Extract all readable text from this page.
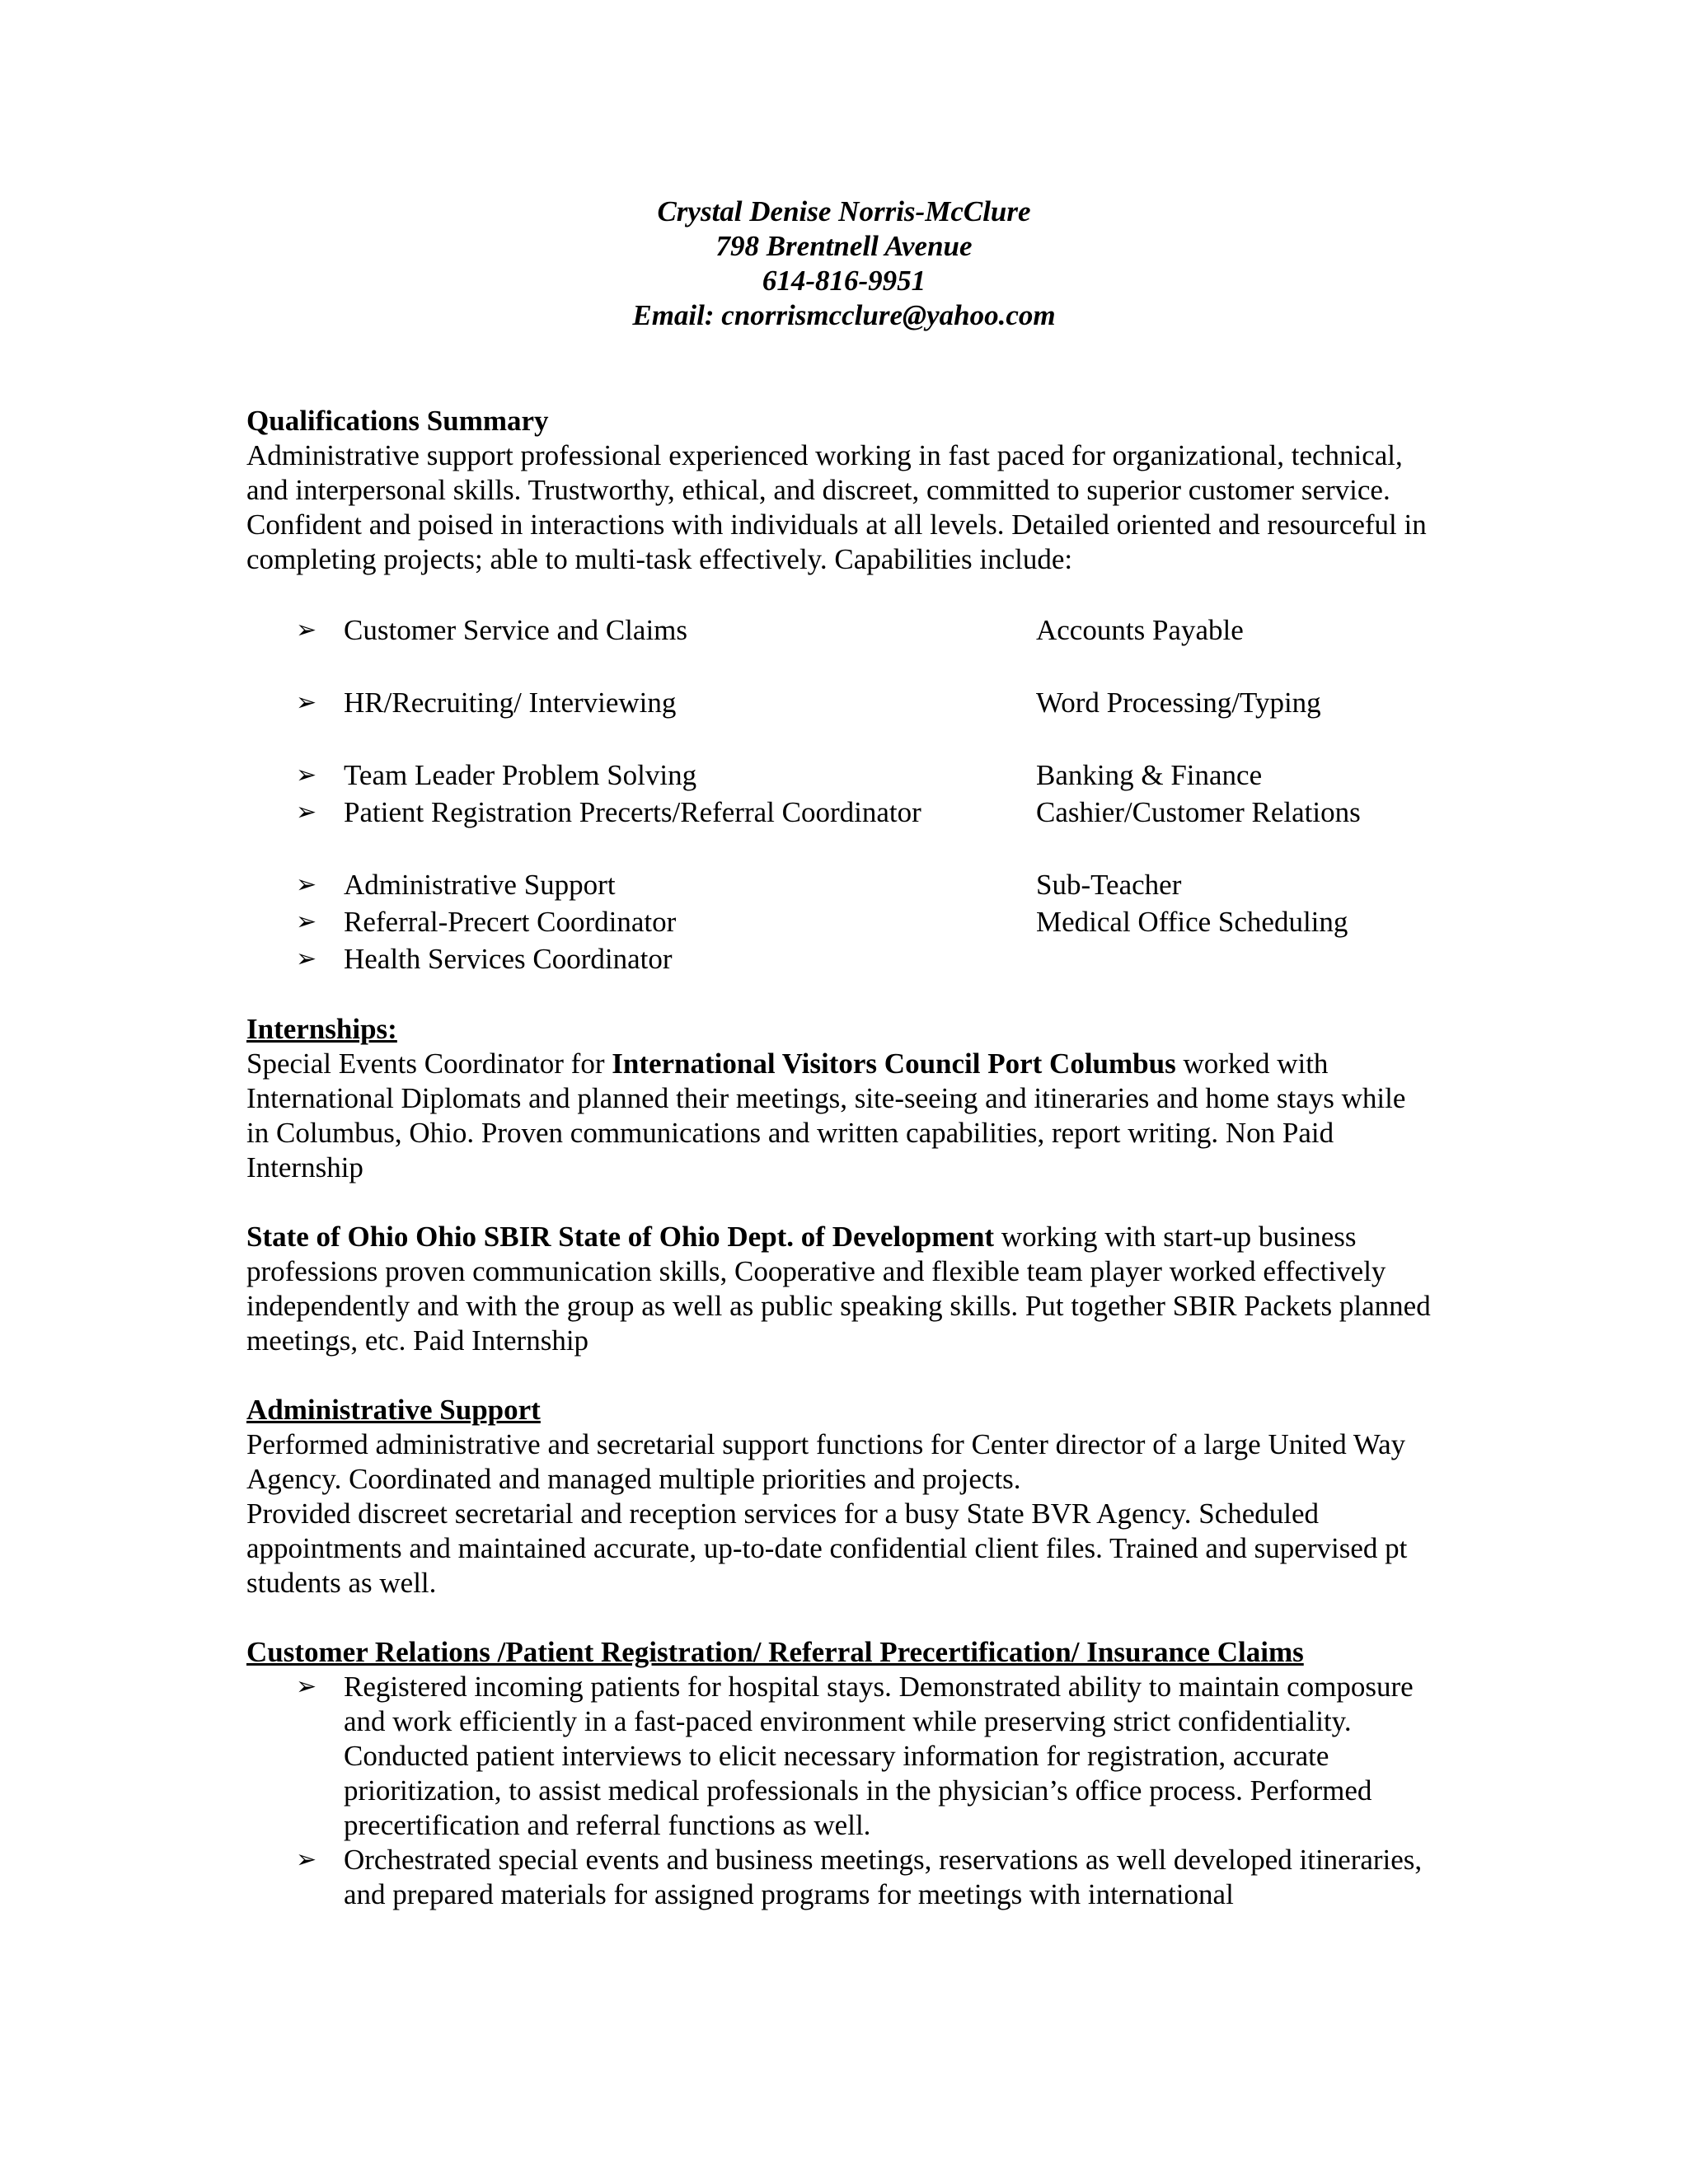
Crystal Denise Norris-McClure
798 Brentnell Avenue
614-816-9951
Email: cnorrismcclure@yahoo.com

Qualifications Summary

Administrative support professional experienced working in fast paced for organizational, technical, and interpersonal skills. Trustworthy, ethical, and discreet, committed to superior customer service. Confident and poised in interactions with individuals at all levels. Detailed oriented and resourceful in completing projects; able to multi-task effectively. Capabilities include:

➢ Customer Service and Claims	Accounts Payable
➢ HR/Recruiting/ Interviewing	Word Processing/Typing
➢ Team Leader Problem Solving	Banking & Finance
➢ Patient Registration Precerts/Referral Coordinator	Cashier/Customer Relations
➢ Administrative Support	Sub-Teacher
➢ Referral-Precert Coordinator	Medical Office Scheduling
➢ Health Services Coordinator

Internships:

Special Events Coordinator for International Visitors Council Port Columbus worked with International Diplomats and planned their meetings, site-seeing and itineraries and home stays while in Columbus, Ohio. Proven communications and written capabilities, report writing. Non Paid Internship

State of Ohio Ohio SBIR State of Ohio Dept. of Development working with start-up business professions proven communication skills, Cooperative and flexible team player worked effectively independently and with the group as well as public speaking skills. Put together SBIR Packets planned meetings, etc. Paid Internship

Administrative Support

Performed administrative and secretarial support functions for Center director of a large United Way Agency. Coordinated and managed multiple priorities and projects.

Provided discreet secretarial and reception services for a busy State BVR Agency. Scheduled appointments and maintained accurate, up-to-date confidential client files. Trained and supervised pt students as well.

Customer Relations /Patient Registration/ Referral Precertification/ Insurance Claims

➢ Registered incoming patients for hospital stays. Demonstrated ability to maintain composure and work efficiently in a fast-paced environment while preserving strict confidentiality. Conducted patient interviews to elicit necessary information for registration, accurate prioritization, to assist medical professionals in the physician’s office process. Performed precertification and referral functions as well.
➢ Orchestrated special events and business meetings, reservations as well developed itineraries, and prepared materials for assigned programs for meetings with international
